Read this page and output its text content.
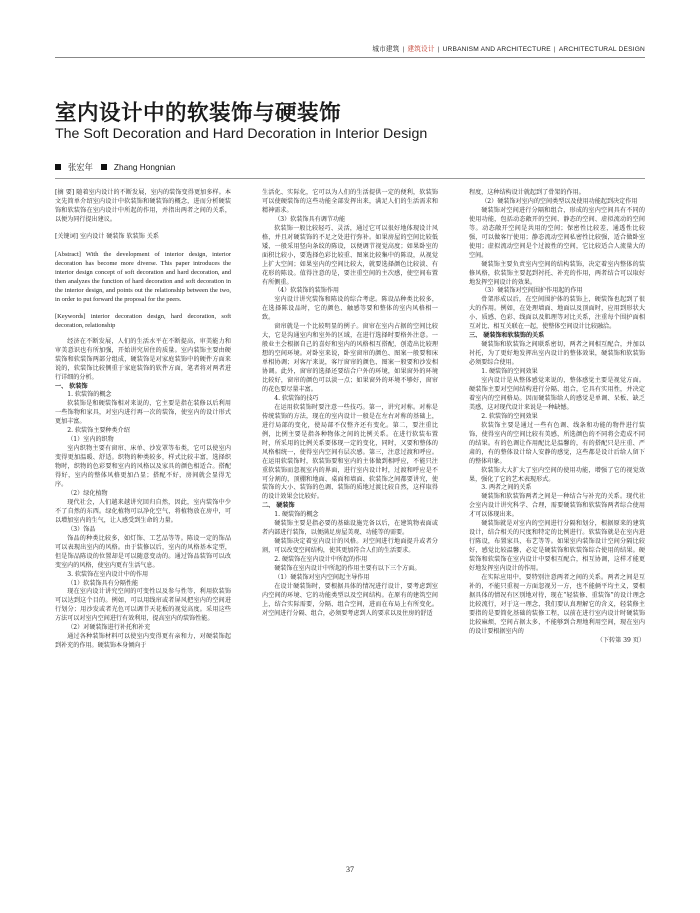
城市建筑 | 建筑设计 | URBANISM AND ARCHITECTURE | ARCHITECTURAL DESIGN
室内设计中的软装饰与硬装饰
The Soft Decoration and Hard Decoration in Interior Design
张宏年	Zhang Hongnian

[摘 要] 随着室内设计的不断发展，室内的装饰变得更加多样。本文先简单介绍室内设计中软装饰和硬装饰的概念，进而分析硬装饰和软装饰在室内设计中所起的作用，并指出两者之间的关系，以便为同行提出建议。

[关键词] 室内设计 硬装饰 软装饰 关系

[Abstract] With the development of interior design, interior decoration has become more diverse. This paper introduces the interior design concept of soft decoration and hard decoration, and then analyzes the function of hard decoration and soft decoration in the interior design, and points out the relationship between the two, in order to put forward the proposal for the peers.

[Keywords] interior decoration design, hard decoration, soft decoration, relationship

经济在不断发展，人们的生活水平在不断提高，审美能力和审美意识也有所加强，开始讲究居住的质量。室内装饰主要由硬装饰和软装饰两部分组成，硬装饰是对家庭装饰中的硬件方面来说的，软装饰比较侧重于家庭装饰的软件方面，笔者将对两者进行详细的分析。

一、 软装饰

1. 软装饰的概念

软装饰是和硬装饰相对来说的，它主要是指在装修以后利用一些饰物和家具，对室内进行再一次的装饰，使室内的设计形式更加丰富。

2. 软装饰主要种类介绍

（1）室内的织物

室内织物主要有窗帘、床单、沙发罩等布类，它可以使室内变得更加温暖、舒适。织物的种类较多，样式比较丰富，选择织物时，织物的色彩要和室内的风格以及家具的颜色相适合。搭配得好，室内的整体风格更加凸显；搭配不好，房间就会显得无序。

（2）绿化植物

现代社会，人们越来越讲究回归自然，因此，室内装饰中少不了自然的东西。绿化植物可以净化空气，将植物放在房中，可以增加室内的生气，让人感受到生命的力量。

（3）饰品

饰品的种类比较多，如灯饰、工艺品等等。陈设一定的饰品可以表现出室内的风格。由于装修以后，室内的风格基本定型，但是饰品陈设的位置却是可以随意变动的。通过饰品装饰可以改变室内的风格，使室内更有生活气息。

3. 软装饰在室内设计中的作用

（1）软装饰具有分隔性能

现在室内设计讲究空间的可变性以及参与性等，利用软装饰可以达到这个目的。例如，可以用线帘或者屏风把室内的空间进行划分；用沙发或者光色可以调节天花板的视觉高度。采用这些方法可以对室内空间进行有效利用，提高室内的装饰性能。

（2）对硬装饰进行补托和补充

通过各种装饰材料可以使室内变得更有亲和力，对硬装饰起到补充的作用。硬装饰本身倾向于

生活化、实际化，它可以为人们的生活提供一定的便利，软装饰可以使硬装饰的这些功能全部发挥出来，满足人们的生活需求和精神需求。

（3）软装饰具有调节功能

软装饰一般比较轻巧、灵活，通过它可以很好地体现设计风格，并且对硬装饰的不足之处进行弥补。如果房屋的空间比较低矮，一般采用竖向条纹的陈设，以便调节视觉高度；如果卧室的面积比较小，要选择色彩比较重、图案比较集中的陈设，从视觉上扩大空间；如果室内的空间比较大，就要选择颜色比较淡、有花形的陈设。值得注意的是，要注重空间的主次感，使空间布置有所侧重。

（4）软装饰的装饰作用

室内设计讲究装饰和陈设的综合考虑。陈设品种类比较多，在选择陈设品时，它的颜色、触感等要和整体的室内风格相一致。

窗帘就是一个比较明显的例子。窗帘在室内占据的空间比较大，它是沟通室内和室外的区域，在进行选择时要格外注意。一般业主会根据自己的喜好和室内的风格相互搭配，创造出比较理想的空间环境。对卧室来说，卧室窗帘的颜色、图案一般要和床单相协调；对客厅来说，客厅窗帘的颜色、图案一般要和沙发相协调。此外，窗帘的选择还要结合户外的环境，如果窗外的环境比较好，窗帘的颜色可以淡一点；如果窗外的环境不够好，窗帘的花色要尽量丰富。

4. 软装饰的技巧

在运用软装饰时要注意一些技巧。第一，讲究对称。对称是传统装饰的方法，现在的室内设计一般是在左右对称的基础上，进行局部的变化，使局部不仅整齐还有变化。第二，要注重比例，比例主要是指各种物体之间的比例关系。在进行软装布置时，所采用的比例关系要体现一定的变化，同时，又要和整体的风格相统一，使得室内空间有层次感。第三，注意过渡和呼应。在运用软装饰时，软装饰要和室内的主体做到相呼应，不能只注重软装饰而忽视室内的界面，进行室内设计时，过渡和呼应是不可分割的，顶棚和地面、桌面和墙面、软装饰之间都要讲究，使装饰的大小、装饰的色调、装饰的质地过渡比较自然，这样取得的设计效果会比较好。

二、 硬装饰

1. 硬装饰的概念

硬装饰主要是指必要的基础设施完备以后，在建筑物表面或者内部进行装饰，以便满足房屋美观、功能等的需要。

硬装饰决定着室内设计的风格。对空间进行地面提升或者分割，可以改变空间结构，使其更加符合人们的生活要求。

2. 硬装饰在室内设计中所起的作用

硬装饰在室内设计中所起的作用主要有以下三个方面。

（1）硬装饰对室内空间起主导作用

在设计硬装饰时，要根据具体的情况进行设计，要考虑到室内空间的环境、它的功能类型以及空间结构。在原有的建筑空间上，结合实际需要，分隔、组合空间，进而在布局上有所变化。对空间进行分隔、组合，必须要考虑到人的要求以及住房的舒适

程度，这种结构设计就起到了骨架的作用。

（2）硬装饰对室内的空间类型以及使用功能起到决定作用

硬装饰对空间进行分隔和组合，形成的室内空间具有不同的使用功能，包括动态敞开的空间、静态的空间、虚拟流动的空间等。动态敞开空间是共用的空间；保密性比较差，通透性比较强，可以做客厅使用；静态流动空间私密性比较强，适合做卧室使用；虚拟流动空间是个过渡性的空间，它比较适合人流量大的空间。

硬装饰主要负责室内空间的结构装饰，决定着室内整体的装修风格，软装饰主要起到衬托、补充的作用，两者结合可以取好地发挥空间设计的效果。

（3）硬装饰对空间围护作用起的作用

骨架形成以后，在空间围护体的装饰上，硬装饰也起到了很大的作用。例如，在处理墙面、地面以及顶面时，应用到形状大小、质感、色彩、线面以及肌理等对比关系，注重每个围护面相互对比、相互关联在一起，使整体空间设计比较融洽。

三、 硬装饰和软装饰的关系

硬装饰和软装饰之间联系密切，两者之间相互配合，并加以衬托，为了更好地发挥出室内设计的整体效果，硬装饰和软装饰必须要综合使用。

1. 硬装饰的空间效果

室内设计是从整体感觉来说的，整体感觉主要是视觉方面。硬装饰主要对空间结构进行分隔、组合，它具有实用性，并决定着室内的空间格局。因而硬装饰给人的感觉是单调、呆板、缺乏美感，这对现代设计来说是一种缺憾。

2. 软装饰的空间效果

软装饰主要是通过一些有色调、线条和功能的物件进行装饰，使得室内的空间比较有美感，所选颜色的不同将会造成不同的结果。有的色调让作用配比是温馨的，有的搭配只是庄重、严肃的，有的整体设计给人安静的感觉，这些都是设计后给人留下的整体印象。

软装饰大大扩大了室内空间的使用功能，增强了它的视觉效果，强化了它的艺术表现形式。

3. 两者之间的关系

硬装饰和软装饰两者之间是一种结合与补充的关系。现代社会室内设计讲究科学、合理，需要硬装饰和软装饰两者综合使用才可以体现出来。

硬装饰就是对室内的空间进行分隔和划分，根据原来的建筑设计，结合相关的尺度和特定的比例进行。软装饰就是在室内进行陈设，布置家具、布艺等等。如果室内装饰设计空间分隔比较好，感觉比较温馨，必定是硬装饰和软装饰综合使用的结果。硬装饰和软装饰在室内设计中要相互配合，相互协调，这样才能更好地发挥室内设计的作用。

在实际应用中，要特别注意两者之间的关系。两者之间是互补的，不能只重视一方面忽视另一方，也不能俩平均主义，要根据具体的情况有区别地对待，现在“轻装修、重装饰”的设计理念比较流行，对于这一理念，我们要认真理解它的含义，轻装修主要指的是要简化基础的装修工程，以前在进行室内设计时硬装饰比较麻烦，空间占据太多，不能够到合理地利用空间，现在室内的设计要根据室内的

（下转第 39 页）

37
